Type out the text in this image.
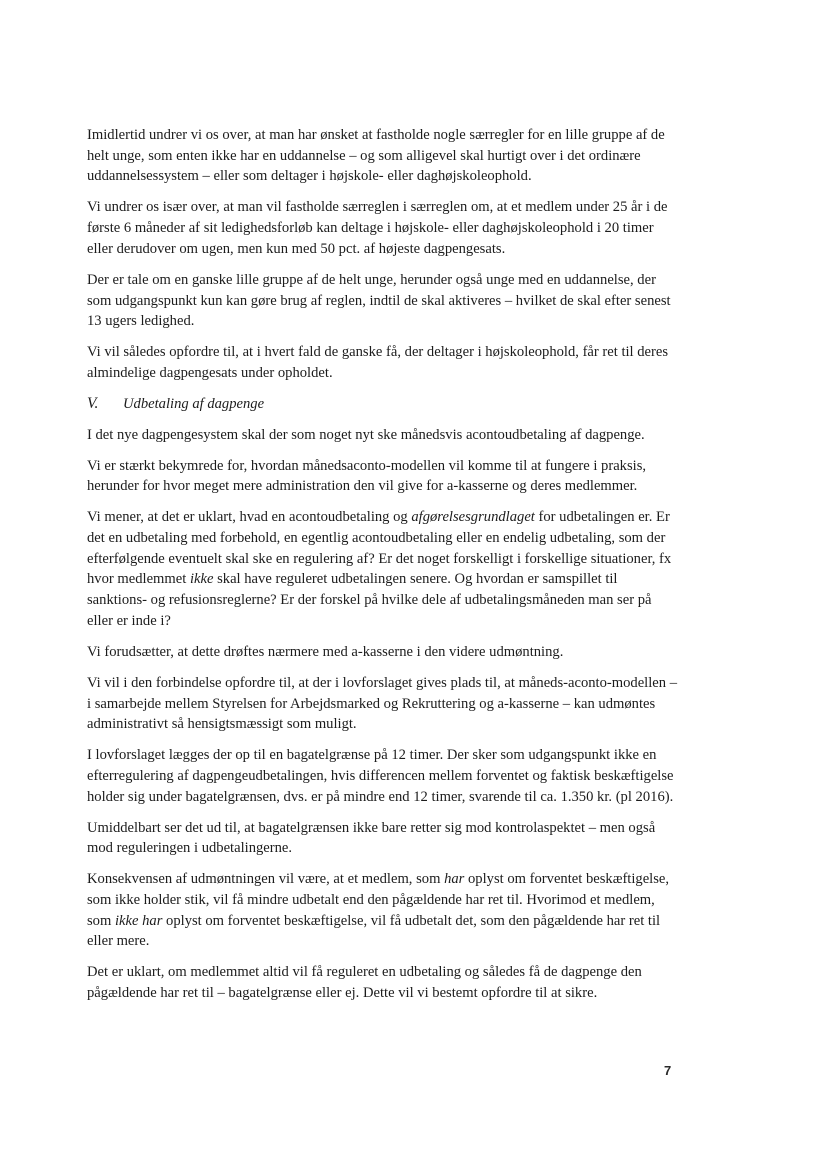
Imidlertid undrer vi os over, at man har ønsket at fastholde nogle særregler for en lille gruppe af de helt unge, som enten ikke har en uddannelse – og som alligevel skal hurtigt over i det ordinære uddannelsessystem – eller som deltager i højskole- eller daghøjskoleophold.

Vi undrer os især over, at man vil fastholde særreglen i særreglen om, at et medlem under 25 år i de første 6 måneder af sit ledighedsforløb kan deltage i højskole- eller daghøjskoleophold i 20 timer eller derudover om ugen, men kun med 50 pct. af højeste dagpengesats.

Der er tale om en ganske lille gruppe af de helt unge, herunder også unge med en uddannelse, der som udgangspunkt kun kan gøre brug af reglen, indtil de skal aktiveres – hvilket de skal efter senest 13 ugers ledighed.

Vi vil således opfordre til, at i hvert fald de ganske få, der deltager i højskoleophold, får ret til deres almindelige dagpengesats under opholdet.

V. Udbetaling af dagpenge

I det nye dagpengesystem skal der som noget nyt ske månedsvis acontoudbetaling af dagpenge.

Vi er stærkt bekymrede for, hvordan månedsaconto-modellen vil komme til at fungere i praksis, herunder for hvor meget mere administration den vil give for a-kasserne og deres medlemmer.

Vi mener, at det er uklart, hvad en acontoudbetaling og afgørelsesgrundlaget for udbetalingen er. Er det en udbetaling med forbehold, en egentlig acontoudbetaling eller en endelig udbetaling, som der efterfølgende eventuelt skal ske en regulering af? Er det noget forskelligt i forskellige situationer, fx hvor medlemmet ikke skal have reguleret udbetalingen senere. Og hvordan er samspillet til sanktions- og refusionsreglerne? Er der forskel på hvilke dele af udbetalingsmåneden man ser på eller er inde i?

Vi forudsætter, at dette drøftes nærmere med a-kasserne i den videre udmøntning.

Vi vil i den forbindelse opfordre til, at der i lovforslaget gives plads til, at måneds-aconto-modellen – i samarbejde mellem Styrelsen for Arbejdsmarked og Rekruttering og a-kasserne – kan udmøntes administrativt så hensigtsmæssigt som muligt.

I lovforslaget lægges der op til en bagatelgrænse på 12 timer. Der sker som udgangspunkt ikke en efterregulering af dagpengeudbetalingen, hvis differencen mellem forventet og faktisk beskæftigelse holder sig under bagatelgrænsen, dvs. er på mindre end 12 timer, svarende til ca. 1.350 kr. (pl 2016).

Umiddelbart ser det ud til, at bagatelgrænsen ikke bare retter sig mod kontrolaspektet – men også mod reguleringen i udbetalingerne.

Konsekvensen af udmøntningen vil være, at et medlem, som har oplyst om forventet beskæftigelse, som ikke holder stik, vil få mindre udbetalt end den pågældende har ret til. Hvorimod et medlem, som ikke har oplyst om forventet beskæftigelse, vil få udbetalt det, som den pågældende har ret til eller mere.

Det er uklart, om medlemmet altid vil få reguleret en udbetaling og således få de dagpenge den pågældende har ret til – bagatelgrænse eller ej. Dette vil vi bestemt opfordre til at sikre.

7
